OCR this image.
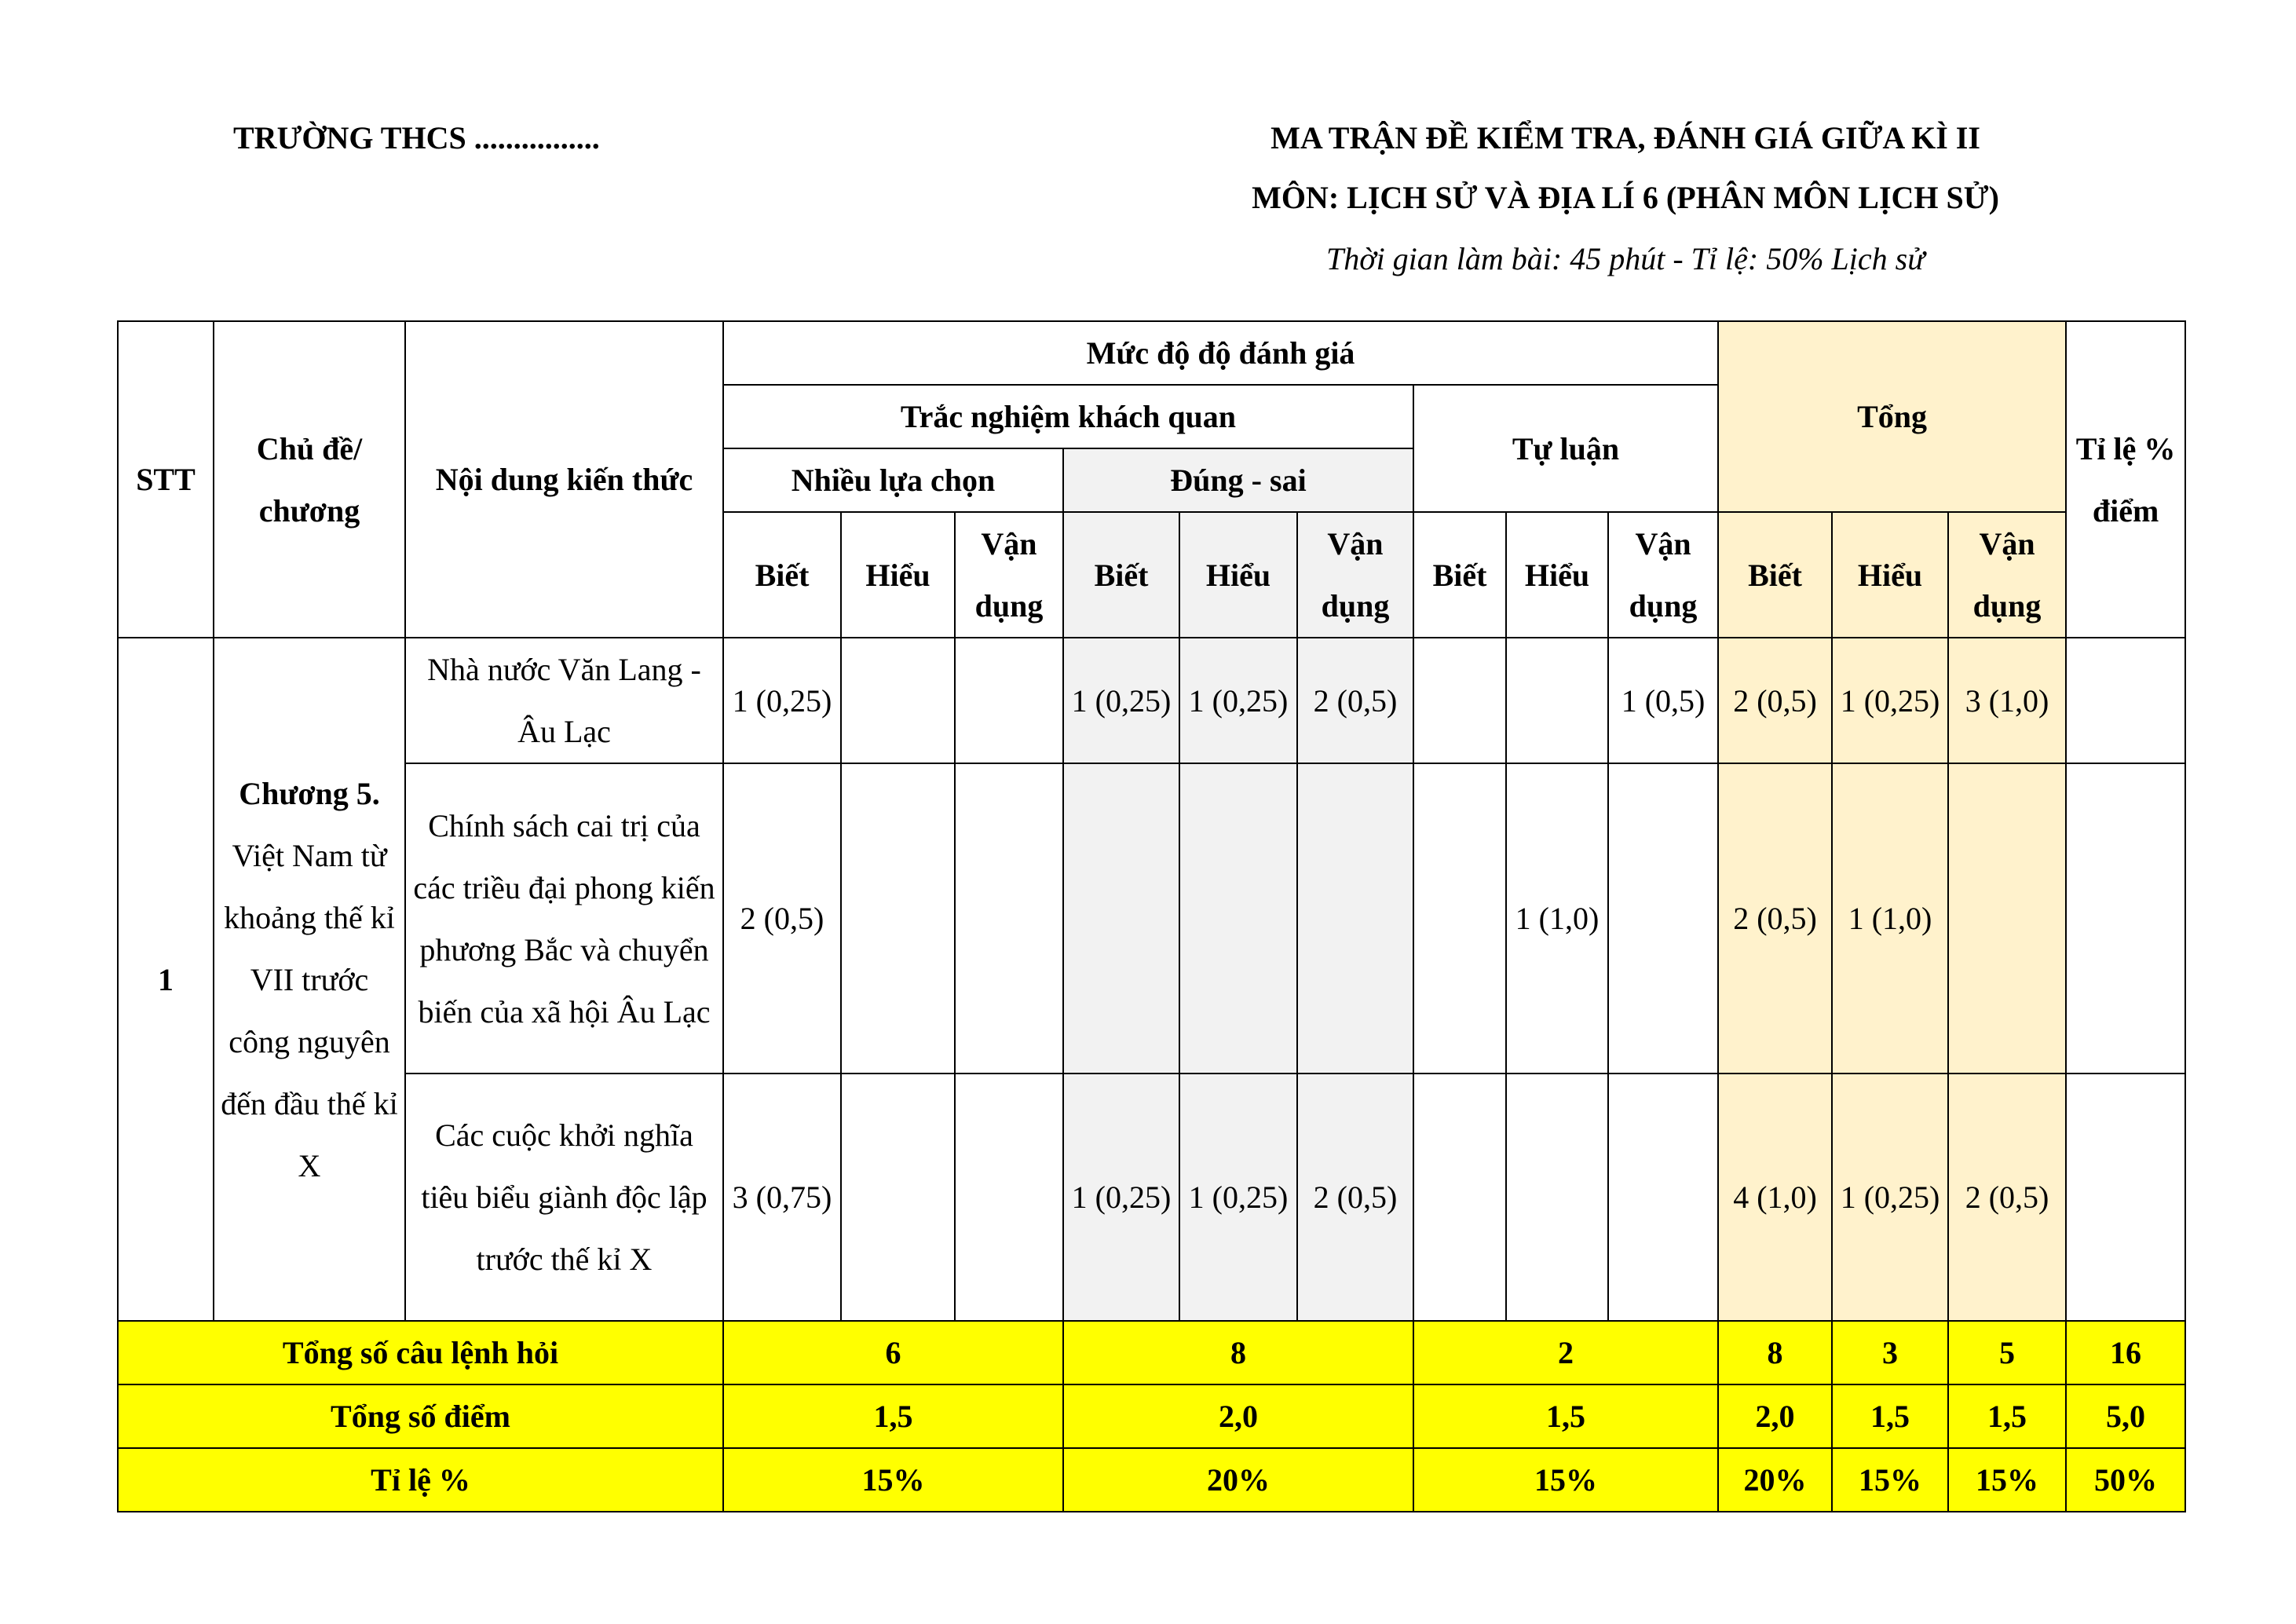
TRƯỜNG THCS ................	MA TRẬN ĐỀ KIỂM TRA, ĐÁNH GIÁ GIỮA KÌ II
MÔN: LỊCH SỬ VÀ ĐỊA LÍ 6 (PHÂN MÔN LỊCH SỬ)
Thời gian làm bài: 45 phút - Tỉ lệ: 50% Lịch sử
STT	Chủ đề/ chương	Nội dung kiến thức	Mức độ độ đánh giá									Tổng			Tỉ lệ % điểm
			Trắc nghiệm khách quan						Tự luận						
			Nhiều lựa chọn			Đúng - sai									
			Biết	Hiểu	Vận dụng	Biết	Hiểu	Vận dụng	Biết	Hiểu	Vận dụng	Biết	Hiểu	Vận dụng	
1	Chương 5. Việt Nam từ khoảng thế kỉ VII trước công nguyên đến đầu thế kỉ X	Nhà nước Văn Lang - Âu Lạc	1 (0,25)			1 (0,25)	1 (0,25)	2 (0,5)			1 (0,5)	2 (0,5)	1 (0,25)	3 (1,0)	
		Chính sách cai trị của các triều đại phong kiến phương Bắc và chuyển biến của xã hội Âu Lạc	2 (0,5)							1 (1,0)		2 (0,5)	1 (1,0)		
		Các cuộc khởi nghĩa tiêu biểu giành độc lập trước thế kỉ X	3 (0,75)			1 (0,25)	1 (0,25)	2 (0,5)				4 (1,0)	1 (0,25)	2 (0,5)	
Tổng số câu lệnh hỏi			6			8			2			8	3	5	16
Tổng số điểm			1,5			2,0			1,5			2,0	1,5	1,5	5,0
Tỉ lệ %			15%			20%			15%			20%	15%	15%	50%
